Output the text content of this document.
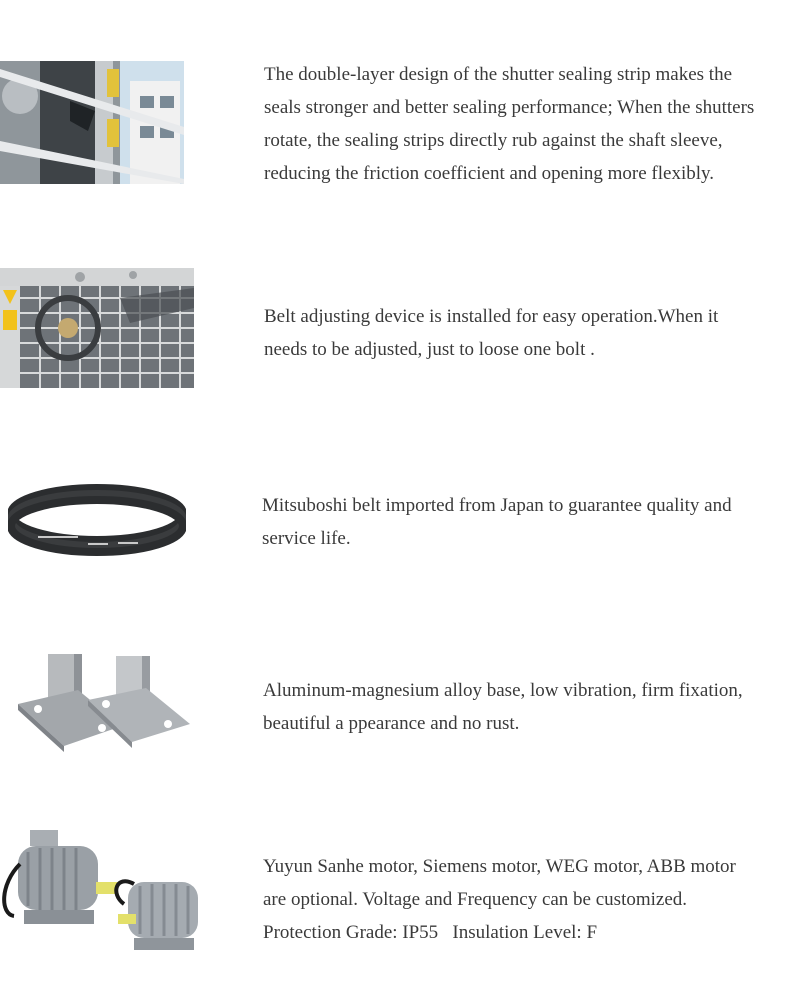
The double-layer design of the shutter sealing strip makes the

seals stronger and better sealing performance; When the shutters

rotate, the sealing strips directly rub against the shaft sleeve,

reducing the friction coefficient and opening more flexibly.

Belt adjusting device is installed for easy operation.When it

needs to be adjusted, just to loose one bolt .

Mitsuboshi belt imported from Japan to guarantee quality and

service life.

Aluminum-magnesium alloy base, low vibration, firm fixation,

beautiful a ppearance and no rust.

Yuyun Sanhe motor, Siemens motor, WEG motor, ABB motor

are optional. Voltage and Frequency can be customized.

Protection Grade: IP55   Insulation Level: F
